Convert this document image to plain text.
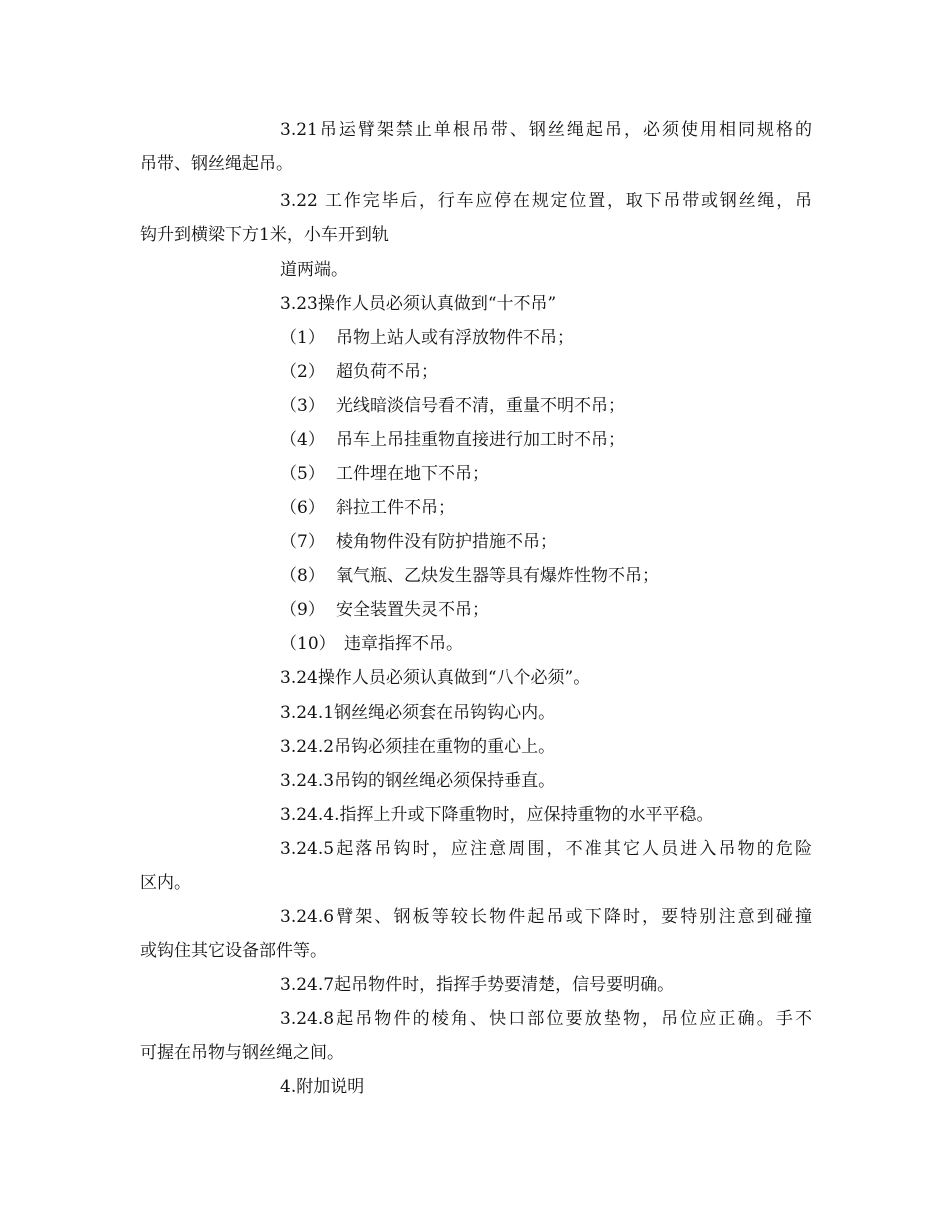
3.21吊运臂架禁止单根吊带、钢丝绳起吊，必须使用相同规格的
吊带、钢丝绳起吊。
3.22 工作完毕后，行车应停在规定位置，取下吊带或钢丝绳，吊
钩升到横梁下方1米，小车开到轨
道两端。
3.23操作人员必须认真做到“十不吊”
（1） 吊物上站人或有浮放物件不吊；
（2） 超负荷不吊；
（3） 光线暗淡信号看不清，重量不明不吊；
（4） 吊车上吊挂重物直接进行加工时不吊；
（5） 工件埋在地下不吊；
（6） 斜拉工件不吊；
（7） 棱角物件没有防护措施不吊；
（8） 氧气瓶、乙炔发生器等具有爆炸性物不吊；
（9） 安全装置失灵不吊；
（10） 违章指挥不吊。
3.24操作人员必须认真做到“八个必须”。
3.24.1钢丝绳必须套在吊钩钩心内。
3.24.2吊钩必须挂在重物的重心上。
3.24.3吊钩的钢丝绳必须保持垂直。
3.24.4.指挥上升或下降重物时，应保持重物的水平平稳。
3.24.5起落吊钩时，应注意周围，不准其它人员进入吊物的危险
区内。
3.24.6臂架、钢板等较长物件起吊或下降时，要特别注意到碰撞
或钩住其它设备部件等。
3.24.7起吊物件时，指挥手势要清楚，信号要明确。
3.24.8起吊物件的棱角、快口部位要放垫物，吊位应正确。手不
可握在吊物与钢丝绳之间。
4.附加说明
